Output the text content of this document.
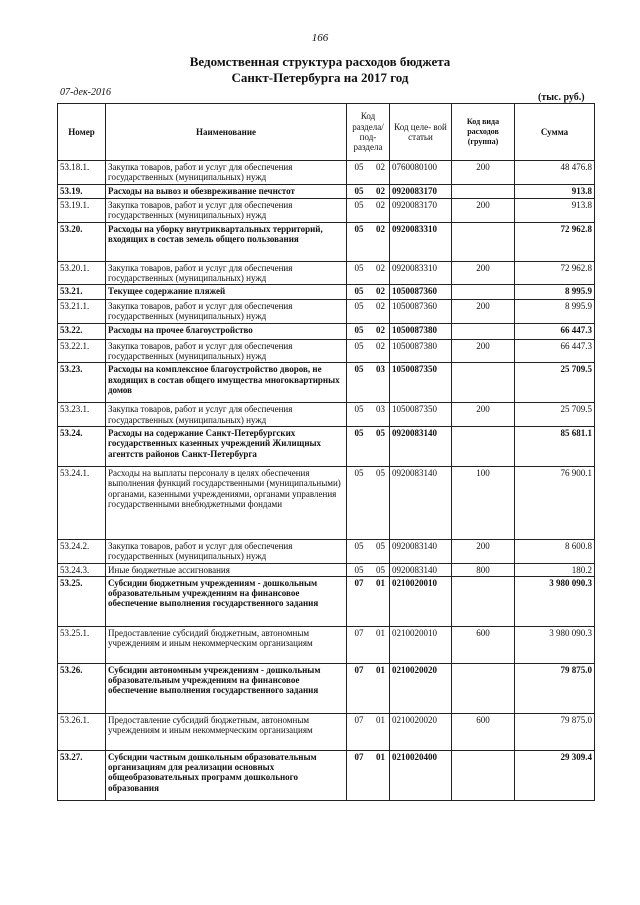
166
Ведомственная структура расходов бюджета
Санкт-Петербурга на 2017 год
07-дек-2016	(тыс. руб.)
Номер	Наименование	Код раздела/ под- раздела	Код целе- вой статьи	Код вида расходов (группа)	Сумма
53.18.1.	Закупка товаров, работ и услуг для обеспечения государственных (муниципальных) нужд	05 02	0760080100	200	48 476.8
53.19.	Расходы на вывоз и обезвреживание печнстот	05 02	0920083170		913.8
53.19.1.	Закупка товаров, работ и услуг для обеспечения государственных (муниципальных) нужд	05 02	0920083170	200	913.8
53.20.	Расходы на уборку внутриквартальных территорий, входящих в состав земель общего пользования	05 02	0920083310		72 962.8
53.20.1.	Закупка товаров, работ и услуг для обеспечения государственных (муниципальных) нужд	05 02	0920083310	200	72 962.8
53.21.	Текущее содержание пляжей	05 02	1050087360		8 995.9
53.21.1.	Закупка товаров, работ и услуг для обеспечения государственных (муниципальных) нужд	05 02	1050087360	200	8 995.9
53.22.	Расходы на прочее благоустройство	05 02	1050087380		66 447.3
53.22.1.	Закупка товаров, работ и услуг для обеспечения государственных (муниципальных) нужд	05 02	1050087380	200	66 447.3
53.23.	Расходы на комплексное благоустройство дворов, не входящих в состав общего имущества многоквартирных домов	05 03	1050087350		25 709.5
53.23.1.	Закупка товаров, работ и услуг для обеспечения государственных (муниципальных) нужд	05 03	1050087350	200	25 709.5
53.24.	Расходы на содержание Санкт-Петербургских государственных казенных учреждений Жилищных агентств районов Санкт-Петербурга	05 05	0920083140		85 681.1
53.24.1.	Расходы на выплаты персоналу в целях обеспечения выполнения функций государственными (муниципальными) органами, казенными учреждениями, органами управления государственными внебюджетными фондами	05 05	0920083140	100	76 900.1
53.24.2.	Закупка товаров, работ и услуг для обеспечения государственных (муниципальных) нужд	05 05	0920083140	200	8 600.8
53.24.3.	Иные бюджетные ассигнования	05 05	0920083140	800	180.2
53.25.	Субсидии бюджетным учреждениям - дошкольным образовательным учреждениям на финансовое обеспечение выполнения государственного задания	07 01	0210020010		3 980 090.3
53.25.1.	Предоставление субсидий бюджетным, автономным учреждениям и иным некоммерческим организациям	07 01	0210020010	600	3 980 090.3
53.26.	Субсидии автономным учреждениям - дошкольным образовательным учреждениям на финансовое обеспечение выполнения государственного задания	07 01	0210020020		79 875.0
53.26.1.	Предоставление субсидий бюджетным, автономным учреждениям и иным некоммерческим организациям	07 01	0210020020	600	79 875.0
53.27.	Субсидии частным дошкольным образовательным организациям для реализации основных общеобразовательных программ дошкольного образования	07 01	0210020400		29 309.4
